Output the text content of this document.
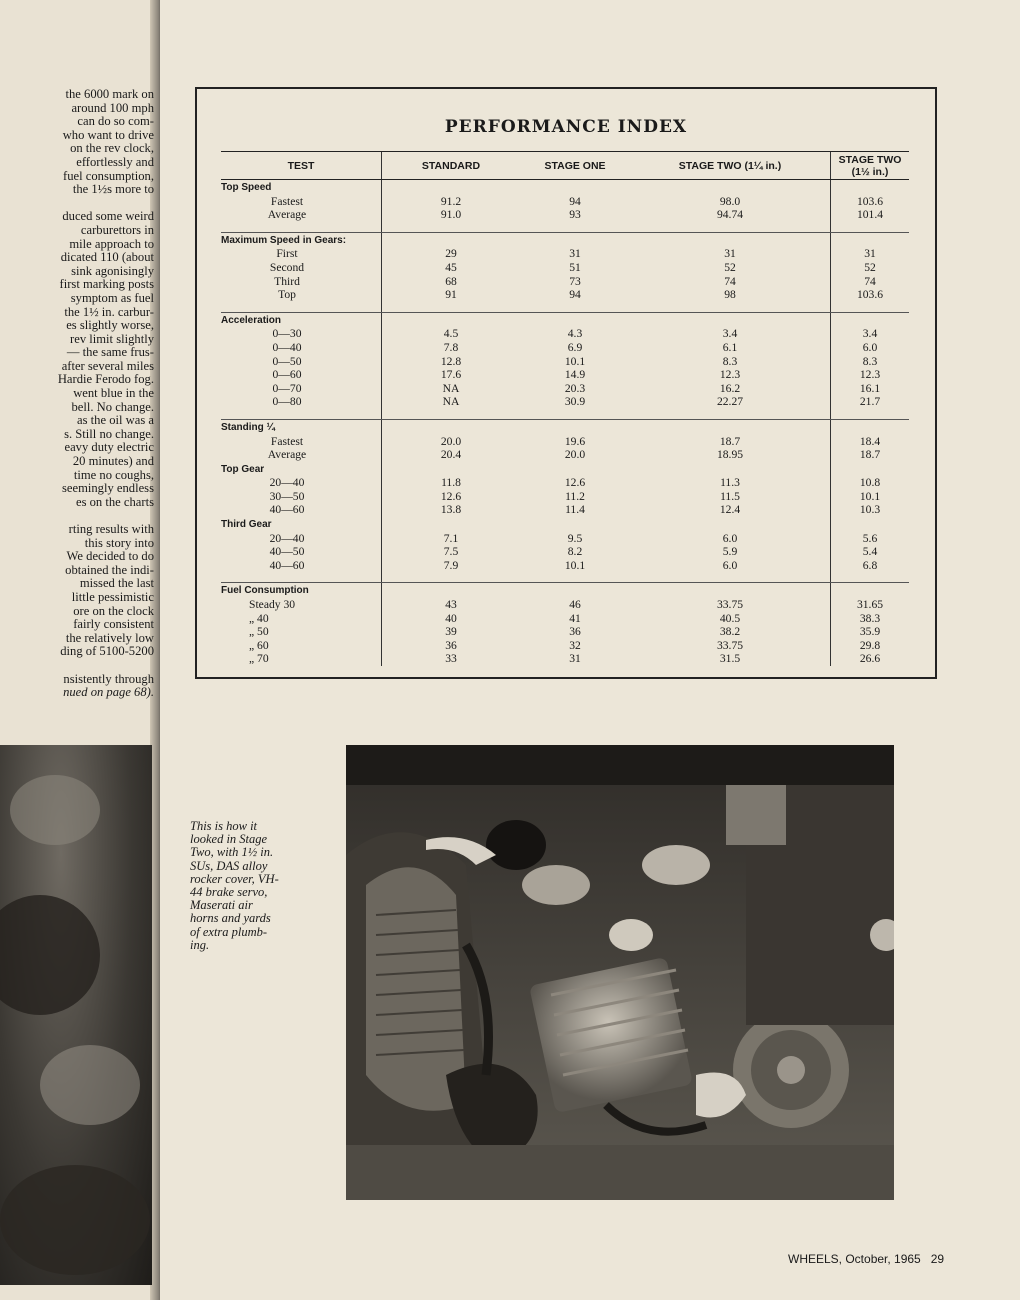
the 6000 mark on
around 100 mph
can do so com-
who want to drive
on the rev clock,
effortlessly and
fuel consumption,
the 1½s more to
duced some weird
carburettors in
mile approach to
dicated 110 (about
sink agonisingly
first marking posts
symptom as fuel
the 1½ in. carbur-
es slightly worse,
rev limit slightly
— the same frus-
after several miles
Hardie Ferodo fog.
went blue in the
bell. No change.
as the oil was a
s. Still no change.
eavy duty electric
20 minutes) and
time no coughs,
seemingly endless
es on the charts
rting results with
this story into
We decided to do
obtained the indi-
missed the last
little pessimistic
ore on the clock
fairly consistent
the relatively low
ding of 5100-5200
nsistently through
nued on page 68).
PERFORMANCE INDEX
TEST	STANDARD	STAGE ONE	STAGE TWO (1¼ in.)	STAGE TWO (1½ in.)
Top Speed				
Fastest	91.2	94	98.0	103.6
Average	91.0	93	94.74	101.4

Maximum Speed in Gears:				
First	29	31	31	31
Second	45	51	52	52
Third	68	73	74	74
Top	91	94	98	103.6

Acceleration				
0—30	4.5	4.3	3.4	3.4
0—40	7.8	6.9	6.1	6.0
0—50	12.8	10.1	8.3	8.3
0—60	17.6	14.9	12.3	12.3
0—70	NA	20.3	16.2	16.1
0—80	NA	30.9	22.27	21.7

Standing ¼				
Fastest	20.0	19.6	18.7	18.4
Average	20.4	20.0	18.95	18.7
Top Gear				
20—40	11.8	12.6	11.3	10.8
30—50	12.6	11.2	11.5	10.1
40—60	13.8	11.4	12.4	10.3
Third Gear				
20—40	7.1	9.5	6.0	5.6
40—50	7.5	8.2	5.9	5.4
40—60	7.9	10.1	6.0	6.8

Fuel Consumption				
Steady 30	43	46	33.75	31.65
„ 40	40	41	40.5	38.3
„ 50	39	36	38.2	35.9
„ 60	36	32	33.75	29.8
„ 70	33	31	31.5	26.6
This is how it
looked in Stage
Two, with 1½ in.
SUs, DAS alloy
rocker cover, VH-
44 brake servo,
Maserati air
horns and yards
of extra plumb-
ing.
WHEELS, October, 1965 29
